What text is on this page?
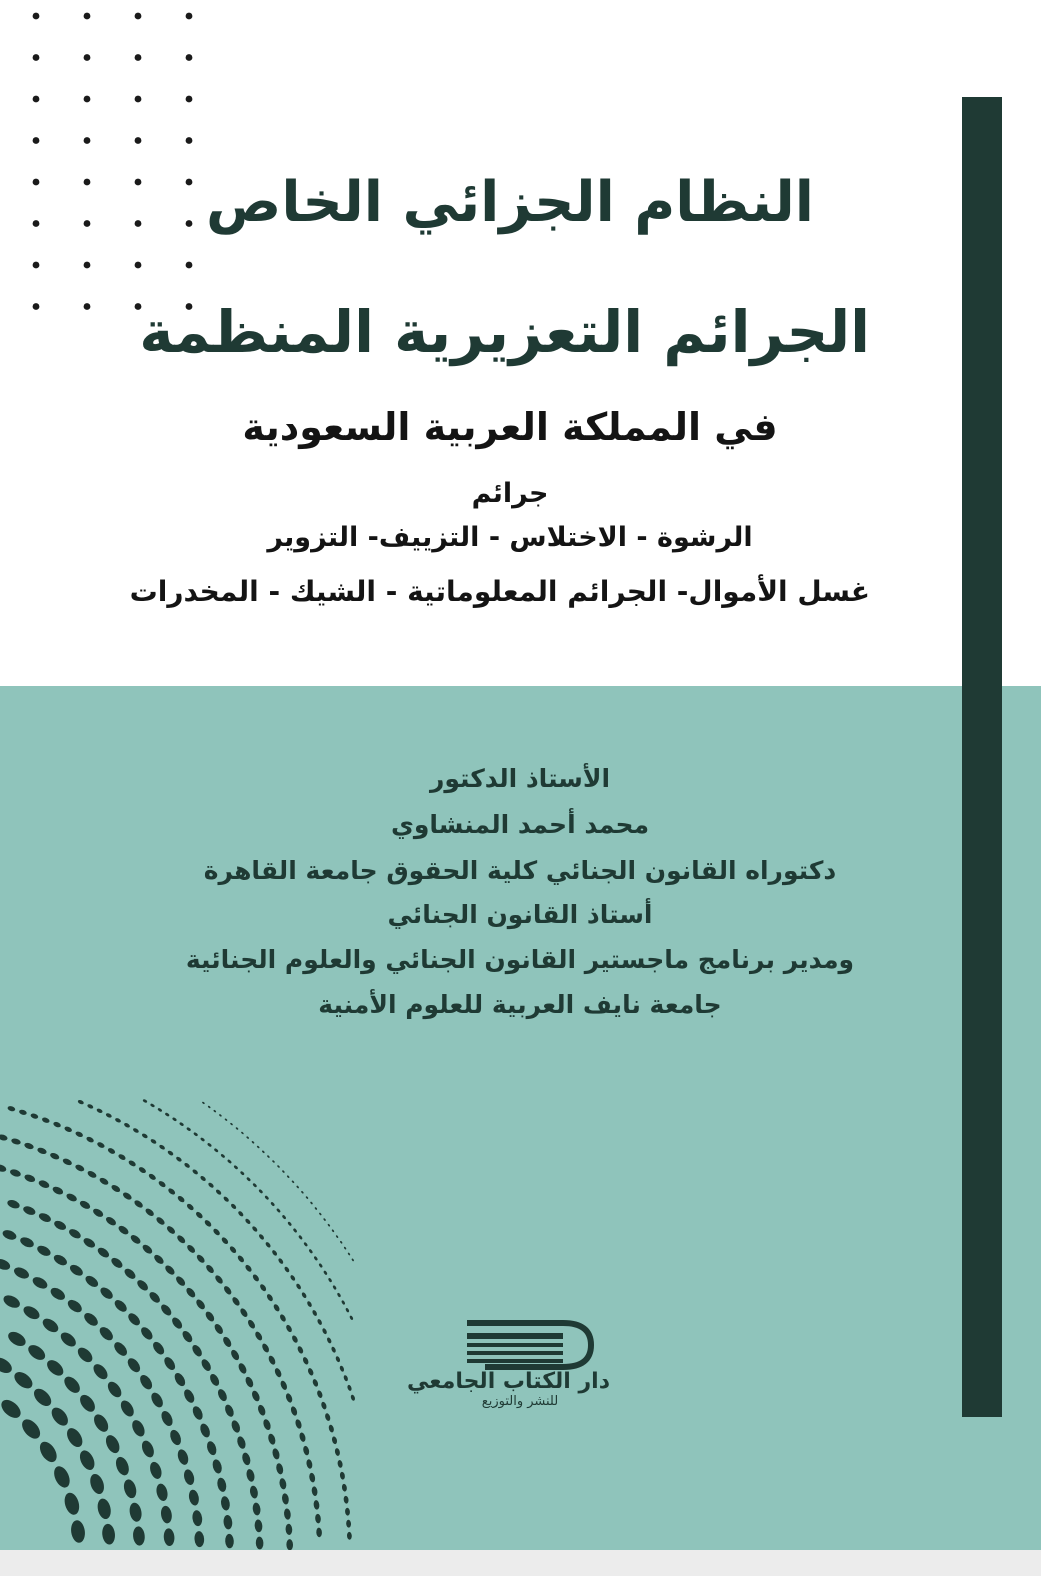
النظام الجزائي الخاص
الجرائم التعزيرية المنظمة
في المملكة العربية السعودية
جرائم
الرشوة - الاختلاس - التزييف- التزوير
غسل الأموال- الجرائم المعلوماتية - الشيك - المخدرات
الأستاذ الدكتور
محمد أحمد المنشاوي
دكتوراه القانون الجنائي كلية الحقوق جامعة القاهرة
أستاذ القانون الجنائي
ومدير برنامج ماجستير القانون الجنائي والعلوم الجنائية
جامعة نايف العربية للعلوم الأمنية
دار الكتاب الجامعي
للنشر والتوزيع
